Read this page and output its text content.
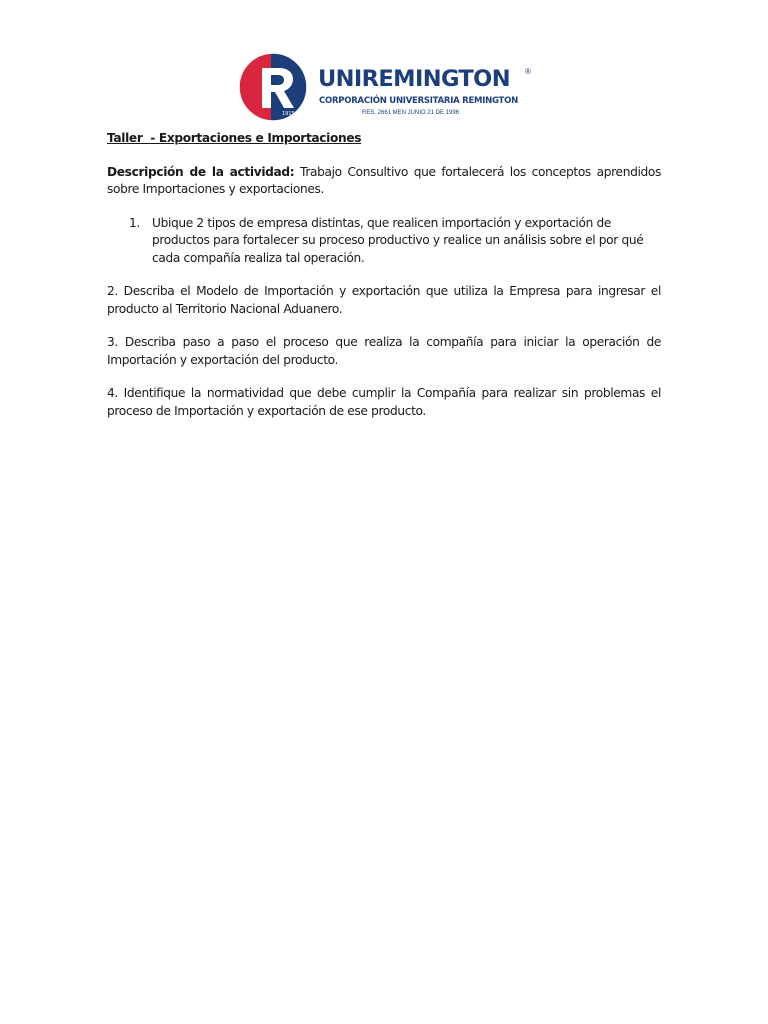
1915
UNIREMINGTON ®
CORPORACIÓN UNIVERSITARIA REMINGTON
RES. 2661 MEN JUNIO 21 DE 1996
Taller  - Exportaciones e Importaciones

Descripción de la actividad: Trabajo Consultivo que fortalecerá los conceptos aprendidos sobre Importaciones y exportaciones.

1. Ubique 2 tipos de empresa distintas, que realicen importación y exportación de productos para fortalecer su proceso productivo y realice un análisis sobre el por qué cada compañía realiza tal operación.

2. Describa el Modelo de Importación y exportación que utiliza la Empresa para ingresar el producto al Territorio Nacional Aduanero.

3. Describa paso a paso el proceso que realiza la compañía para iniciar la operación de Importación y exportación del producto.

4. Identifique la normatividad que debe cumplir la Compañía para realizar sin problemas el proceso de Importación y exportación de ese producto.
